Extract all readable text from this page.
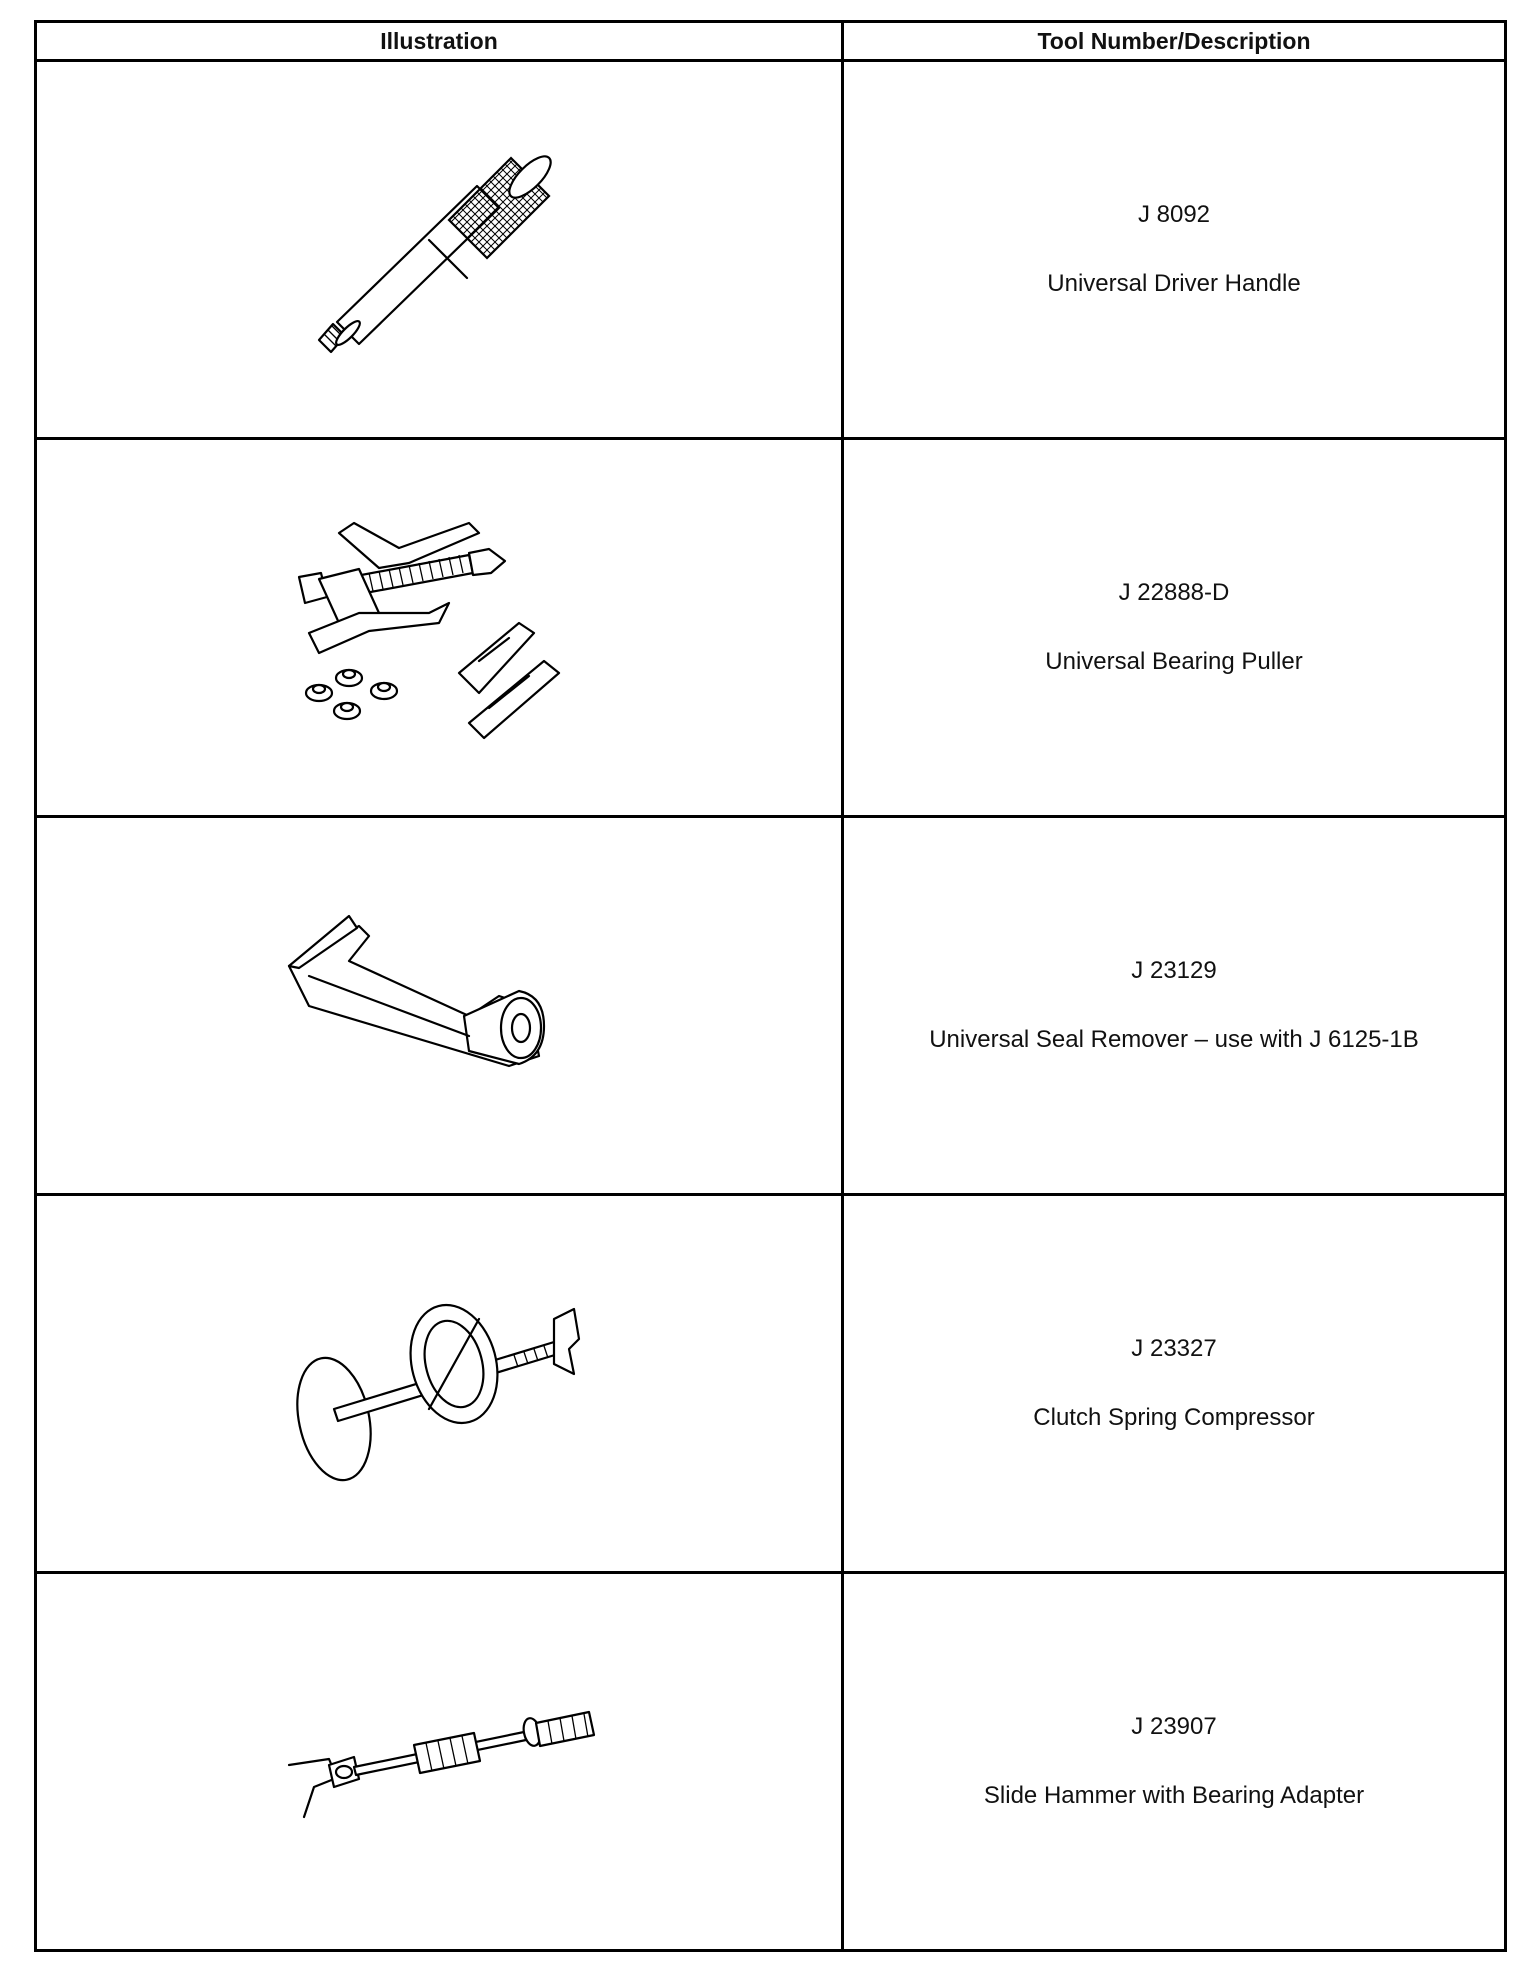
Illustration	Tool Number/Description

J 8092
Universal Driver Handle

J 22888-D
Universal Bearing Puller

J 23129
Universal Seal Remover – use with J 6125-1B

J 23327
Clutch Spring Compressor

J 23907
Slide Hammer with Bearing Adapter
